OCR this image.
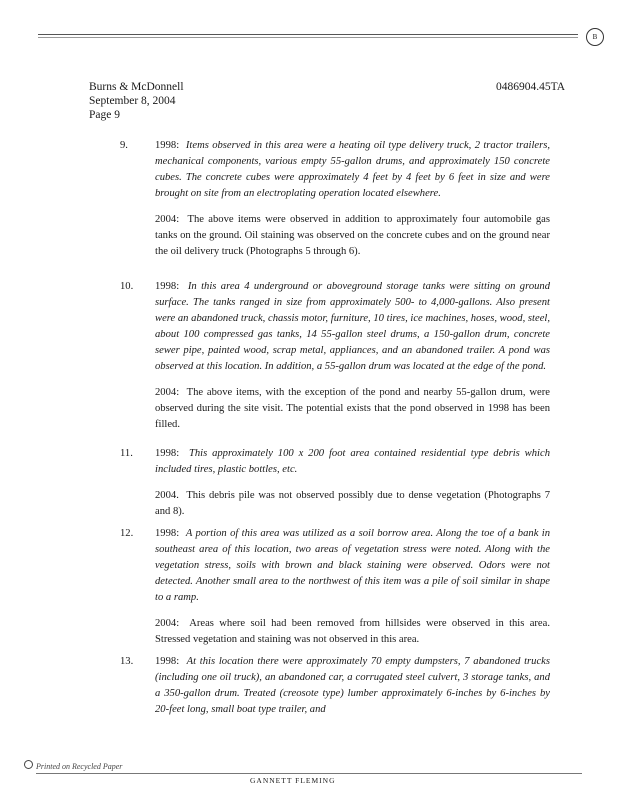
B
Burns & McDonnell
September 8, 2004
Page 9
0486904.45TA
9.	1998: Items observed in this area were a heating oil type delivery truck, 2 tractor trailers, mechanical components, various empty 55-gallon drums, and approximately 150 concrete cubes. The concrete cubes were approximately 4 feet by 4 feet by 6 feet in size and were brought on site from an electroplating operation located elsewhere.
2004: The above items were observed in addition to approximately four automobile gas tanks on the ground. Oil staining was observed on the concrete cubes and on the ground near the oil delivery truck (Photographs 5 through 6).
10.	1998: In this area 4 underground or aboveground storage tanks were sitting on ground surface. The tanks ranged in size from approximately 500- to 4,000-gallons. Also present were an abandoned truck, chassis motor, furniture, 10 tires, ice machines, hoses, wood, steel, about 100 compressed gas tanks, 14 55-gallon steel drums, a 150-gallon drum, concrete sewer pipe, painted wood, scrap metal, appliances, and an abandoned trailer. A pond was observed at this location. In addition, a 55-gallon drum was located at the edge of the pond.
2004: The above items, with the exception of the pond and nearby 55-gallon drum, were observed during the site visit. The potential exists that the pond observed in 1998 has been filled.
11.	1998: This approximately 100 x 200 foot area contained residential type debris which included tires, plastic bottles, etc.
2004. This debris pile was not observed possibly due to dense vegetation (Photographs 7 and 8).
12.	1998: A portion of this area was utilized as a soil borrow area. Along the toe of a bank in southeast area of this location, two areas of vegetation stress were noted. Along with the vegetation stress, soils with brown and black staining were observed. Odors were not detected. Another small area to the northwest of this item was a pile of soil similar in shape to a ramp.
2004: Areas where soil had been removed from hillsides were observed in this area. Stressed vegetation and staining was not observed in this area.
13.	1998: At this location there were approximately 70 empty dumpsters, 7 abandoned trucks (including one oil truck), an abandoned car, a corrugated steel culvert, 3 storage tanks, and a 350-gallon drum. Treated (creosote type) lumber approximately 6-inches by 6-inches by 20-feet long, small boat type trailer, and
Printed on Recycled Paper
GANNETT FLEMING
